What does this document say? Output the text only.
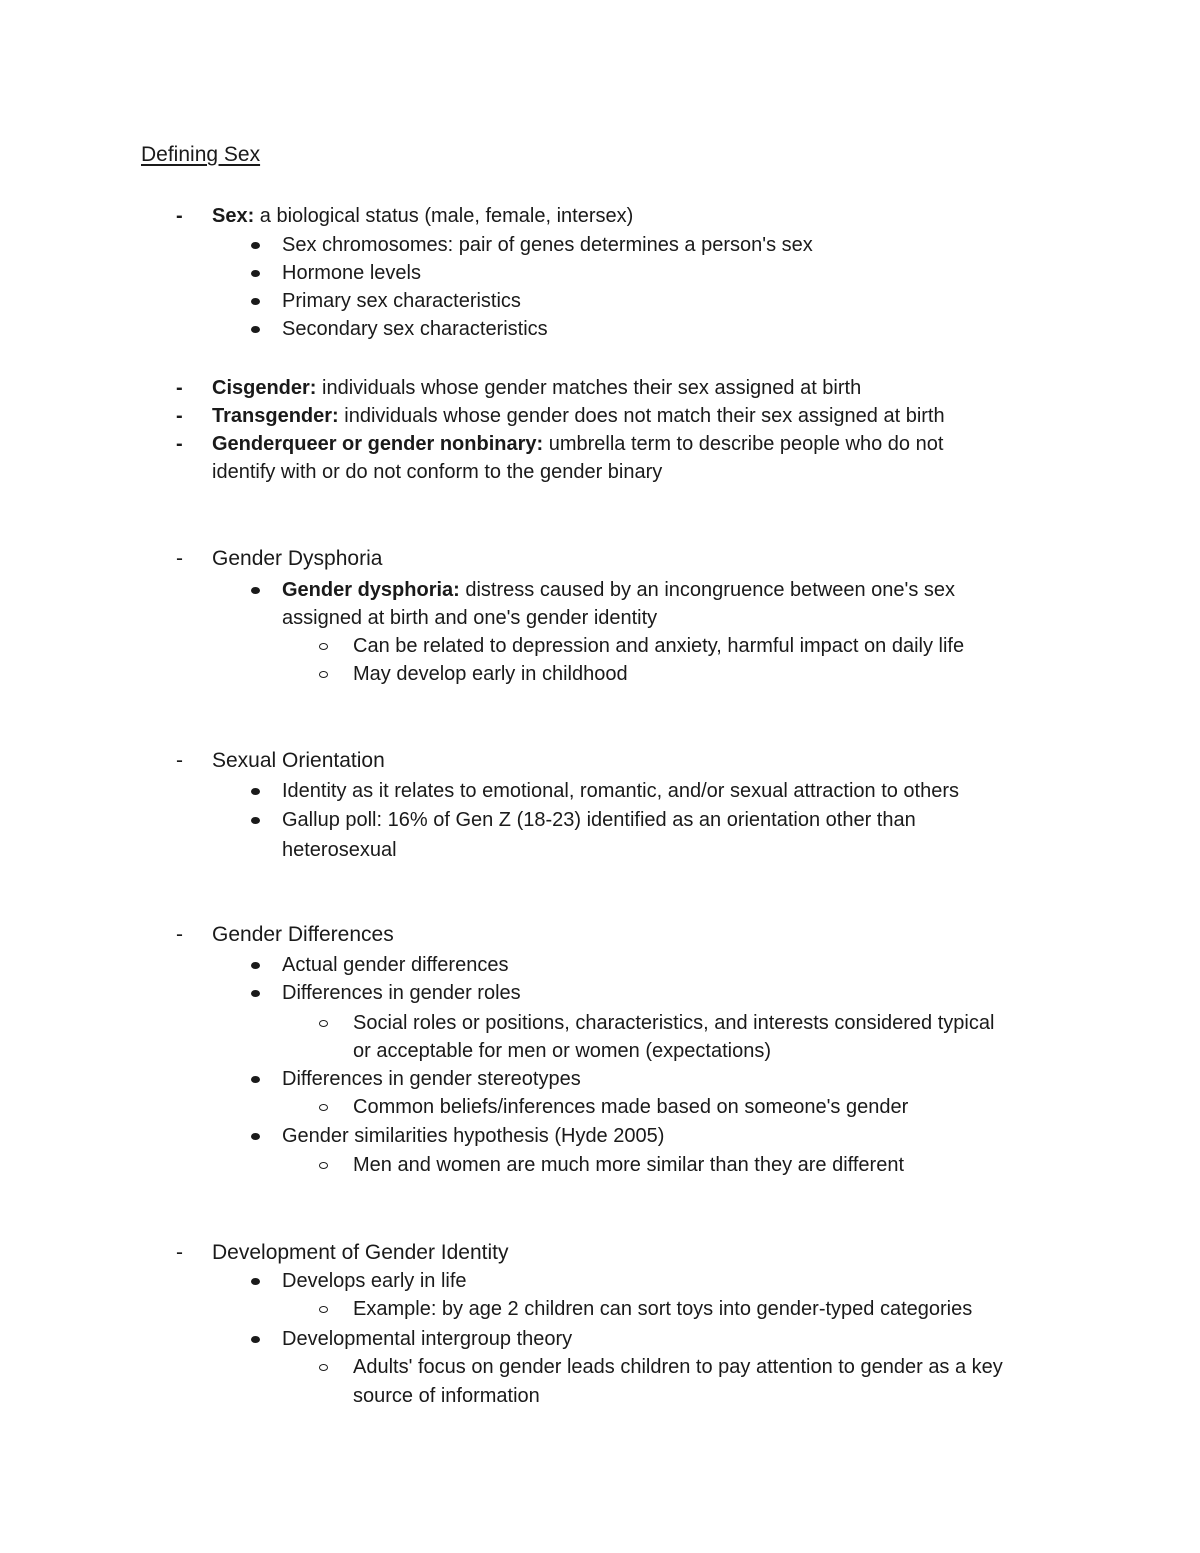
Defining Sex
- Sex: a biological status (male, female, intersex)
Sex chromosomes: pair of genes determines a person's sex
Hormone levels
Primary sex characteristics
Secondary sex characteristics
- Cisgender: individuals whose gender matches their sex assigned at birth
- Transgender: individuals whose gender does not match their sex assigned at birth
- Genderqueer or gender nonbinary: umbrella term to describe people who do not
identify with or do not conform to the gender binary
- Gender Dysphoria
Gender dysphoria: distress caused by an incongruence between one's sex
assigned at birth and one's gender identity
Can be related to depression and anxiety, harmful impact on daily life
May develop early in childhood
- Sexual Orientation
Identity as it relates to emotional, romantic, and/or sexual attraction to others
Gallup poll: 16% of Gen Z (18-23) identified as an orientation other than
heterosexual
- Gender Differences
Actual gender differences
Differences in gender roles
Social roles or positions, characteristics, and interests considered typical
or acceptable for men or women (expectations)
Differences in gender stereotypes
Common beliefs/inferences made based on someone's gender
Gender similarities hypothesis (Hyde 2005)
Men and women are much more similar than they are different
- Development of Gender Identity
Develops early in life
Example: by age 2 children can sort toys into gender-typed categories
Developmental intergroup theory
Adults' focus on gender leads children to pay attention to gender as a key
source of information
